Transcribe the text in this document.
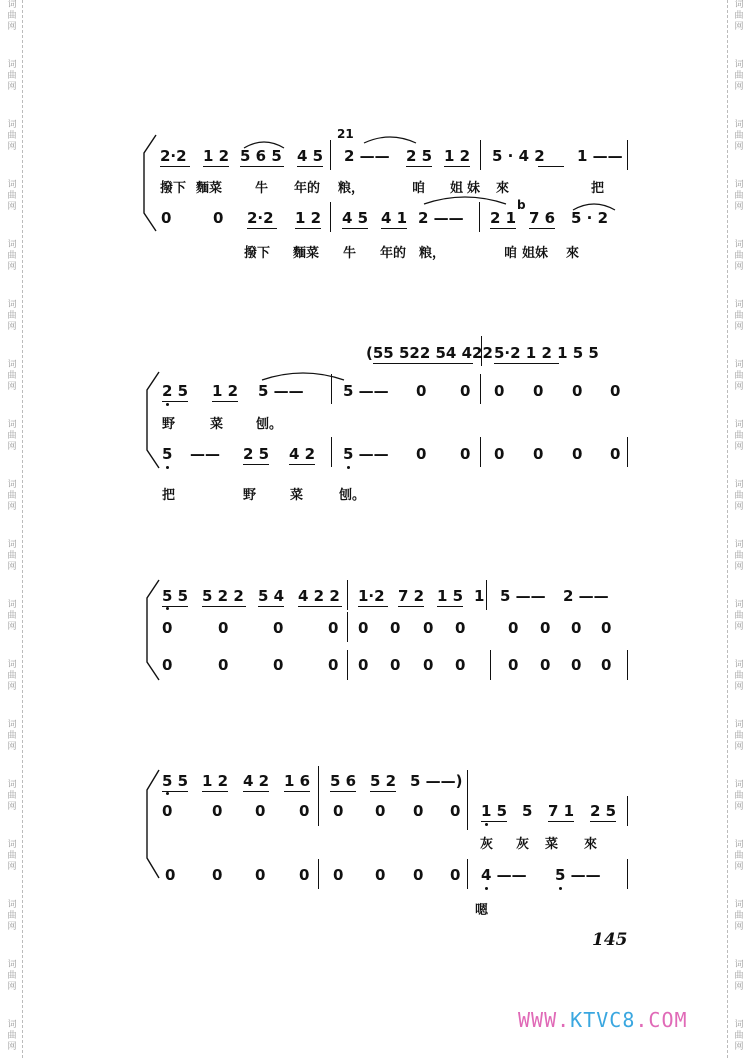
词
曲
网
词
曲
网
词
曲
网
词
曲
网
词
曲
网
词
曲
网
词
曲
网
词
曲
网
词
曲
网
词
曲
网
词
曲
网
词
曲
网
词
曲
网
词
曲
网
词
曲
网
词
曲
网
词
曲
网
词
曲
网
词
曲
网
词
曲
网
词
曲
网
词
曲
网
词
曲
网
词
曲
网
词
曲
网
词
曲
网
词
曲
网
词
曲
网
词
曲
网
词
曲
网
词
曲
网
词
曲
网
词
曲
网
词
曲
网
词
曲
网
词
曲
网
2·2 1 2 5 6 5 4 5
21
2 —— 2 5 1 2 5 · 4 2 1 ——
撥下 麵菜	牛 年的 粮，	咱 姐 妹 來	把
0	0 2·2 1 2 4 5 4 1 2 —— 2 1
b
7 6 5 · 2
撥下 麵菜 牛 年的 粮，	咱 姐妹 來
(55 522 54 422 5·2 1 2 1 5 5
2 5 1 2 5 ——	5 —— 0 0 0 0 0 0
野	菜	刨。
5 —— 2 5 4 2 5 —— 0 0 0 0 0 0
把	野	菜	刨。
5 5 5 2 2 5 4 4 2 2 1·2 7 2 1 5 1 5 —— 2 ——
0	0	0	0 0 0 0 0	0 0 0 0
0	0	0	0 0 0 0 0	0 0 0 0
5 5 1 2 4 2 1 6 5 6 5 2 5 ——)
0	0 0 0 0 0 0 0 1 5 5 7 1 2 5
灰 灰 菜 來
0 0 0 0 0 0 0 0 4 —— 5 ——
嗯
145
WWW.KTVC8.COM
